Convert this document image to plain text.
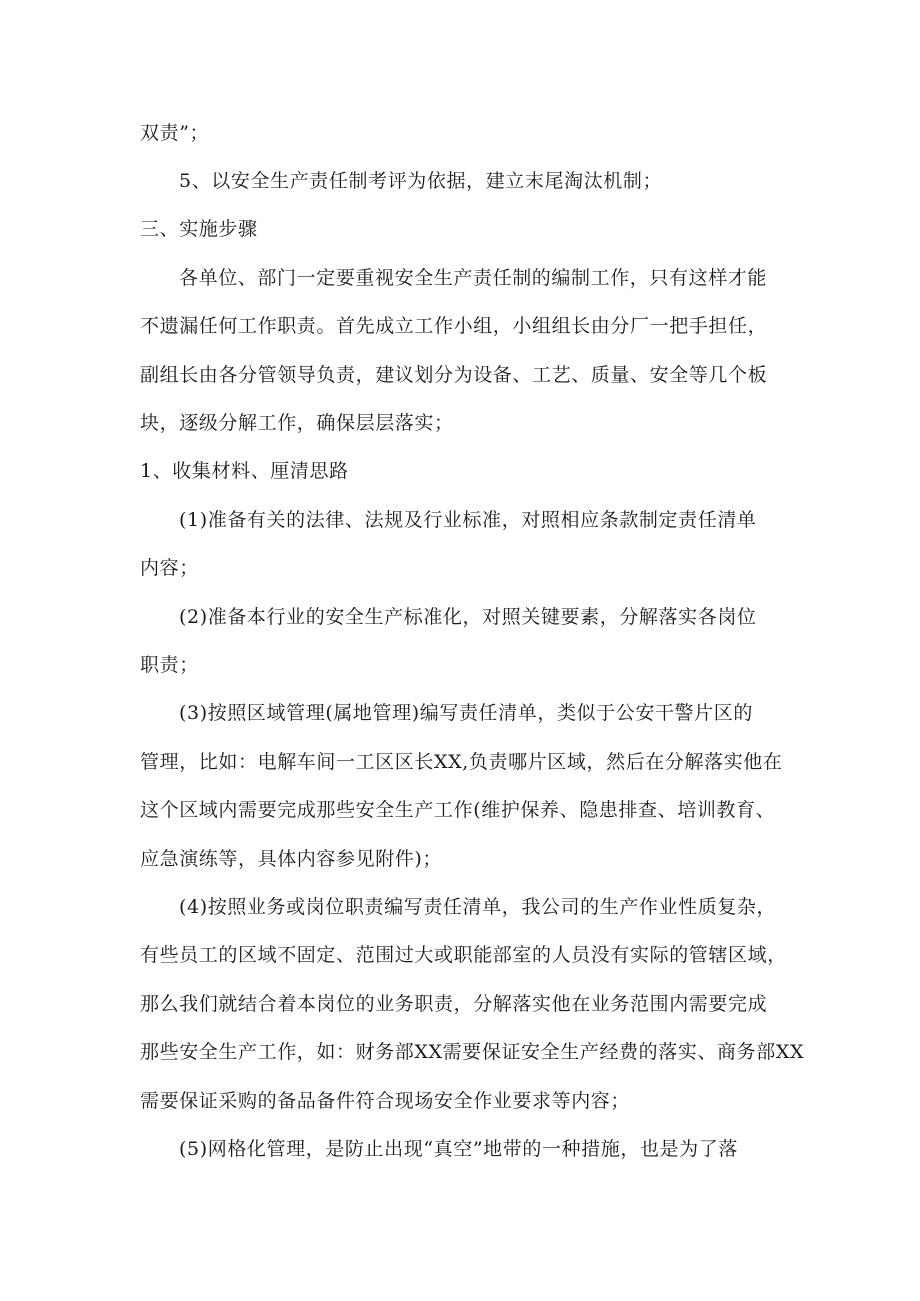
双责”；
5、以安全生产责任制考评为依据，建立末尾淘汰机制；
三、实施步骤
各单位、部门一定要重视安全生产责任制的编制工作，只有这样才能
不遗漏任何工作职责。首先成立工作小组，小组组长由分厂一把手担任，
副组长由各分管领导负责，建议划分为设备、工艺、质量、安全等几个板
块，逐级分解工作，确保层层落实；
1、收集材料、厘清思路
(1)准备有关的法律、法规及行业标准，对照相应条款制定责任清单
内容；
(2)准备本行业的安全生产标准化，对照关键要素，分解落实各岗位
职责；
(3)按照区域管理(属地管理)编写责任清单，类似于公安干警片区的
管理，比如：电解车间一工区区长XX,负责哪片区域，然后在分解落实他在
这个区域内需要完成那些安全生产工作(维护保养、隐患排查、培训教育、
应急演练等，具体内容参见附件)；
(4)按照业务或岗位职责编写责任清单，我公司的生产作业性质复杂，
有些员工的区域不固定、范围过大或职能部室的人员没有实际的管辖区域，
那么我们就结合着本岗位的业务职责，分解落实他在业务范围内需要完成
那些安全生产工作，如：财务部XX需要保证安全生产经费的落实、商务部XX
需要保证采购的备品备件符合现场安全作业要求等内容；
(5)网格化管理，是防止出现“真空”地带的一种措施，也是为了落
